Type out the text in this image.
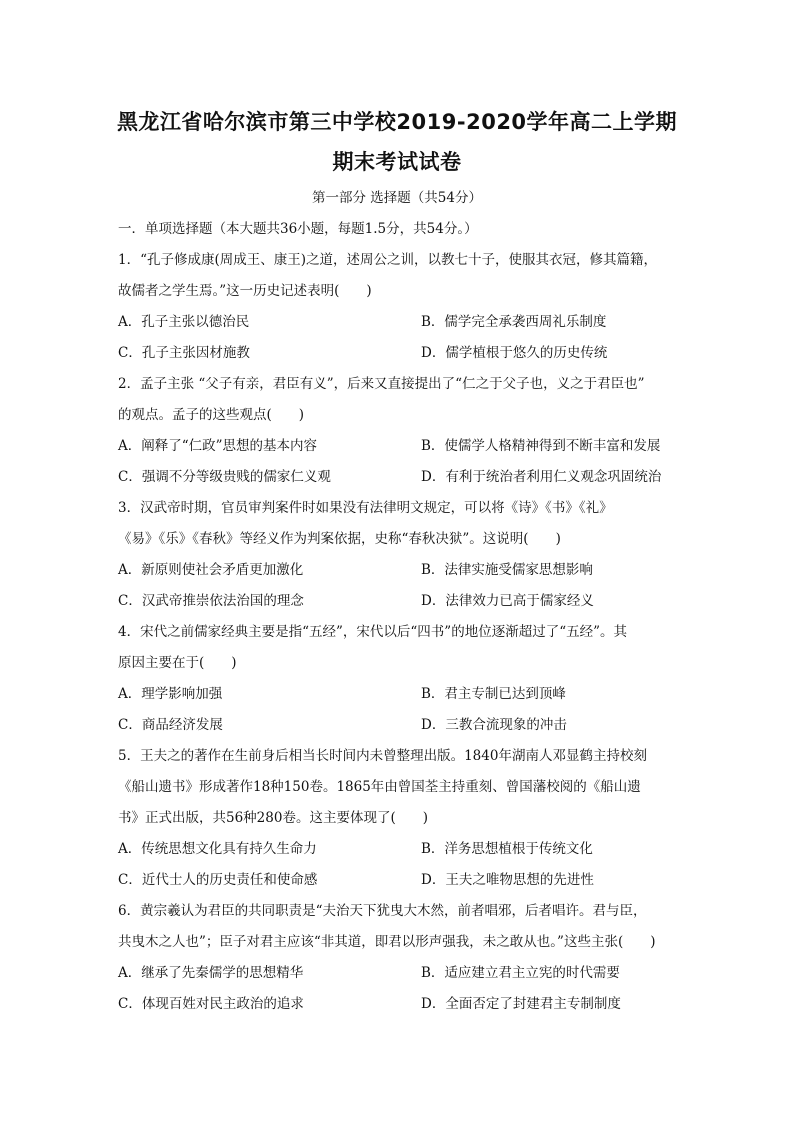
黑龙江省哈尔滨市第三中学校2019-2020学年高二上学期
期末考试试卷
第一部分 选择题（共54分）
一．单项选择题（本大题共36小题，每题1.5分，共54分。）
1．“孔子修成康(周成王、康王)之道，述周公之训，以教七十子，使服其衣冠，修其篇籍，
故儒者之学生焉。”这一历史记述表明(　　)
A．孔子主张以德治民	B．儒学完全承袭西周礼乐制度
C．孔子主张因材施教	D．儒学植根于悠久的历史传统
2．孟子主张 “父子有亲，君臣有义”，后来又直接提出了“仁之于父子也，义之于君臣也”
的观点。孟子的这些观点(　　)
A．阐释了“仁政”思想的基本内容	B．使儒学人格精神得到不断丰富和发展
C．强调不分等级贵贱的儒家仁义观	D．有利于统治者利用仁义观念巩固统治
3．汉武帝时期，官员审判案件时如果没有法律明文规定，可以将《诗》《书》《礼》
《易》《乐》《春秋》等经义作为判案依据，史称“春秋决狱”。这说明(　　)
A．新原则使社会矛盾更加激化	B．法律实施受儒家思想影响
C．汉武帝推崇依法治国的理念	D．法律效力已高于儒家经义
4．宋代之前儒家经典主要是指“五经”，宋代以后“四书”的地位逐渐超过了“五经”。其
原因主要在于(　　)
A．理学影响加强	B．君主专制已达到顶峰
C．商品经济发展	D．三教合流现象的冲击
5．王夫之的著作在生前身后相当长时间内未曾整理出版。1840年湖南人邓显鹤主持校刻
《船山遗书》形成著作18种150卷。1865年由曾国荃主持重刻、曾国藩校阅的《船山遗
书》正式出版，共56种280卷。这主要体现了(　　)
A．传统思想文化具有持久生命力	B．洋务思想植根于传统文化
C．近代士人的历史责任和使命感	D．王夫之唯物思想的先进性
6．黄宗羲认为君臣的共同职责是“夫治天下犹曳大木然，前者唱邪，后者唱许。君与臣，
共曳木之人也”；臣子对君主应该“非其道，即君以形声强我，未之敢从也。”这些主张(　　)
A．继承了先秦儒学的思想精华	B．适应建立君主立宪的时代需要
C．体现百姓对民主政治的追求	D．全面否定了封建君主专制制度
